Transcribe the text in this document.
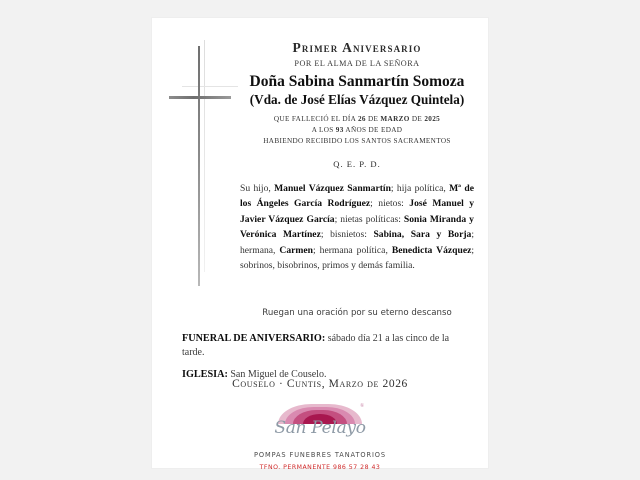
Primer Aniversario
POR EL ALMA DE LA SEÑORA
Doña Sabina Sanmartín Somoza
(Vda. de José Elías Vázquez Quintela)
QUE FALLECIÓ EL DÍA 26 DE MARZO DE 2025
A LOS 93 AÑOS DE EDAD
HABIENDO RECIBIDO LOS SANTOS SACRAMENTOS
Q. E. P. D.
Su hijo, Manuel Vázquez Sanmartín; hija política, Mª de los Ángeles García Rodríguez; nietos: José Manuel y Javier Vázquez García; nietas políticas: Sonia Miranda y Verónica Martínez; bisnietos: Sabina, Sara y Borja; hermana, Carmen; hermana política, Benedicta Vázquez; sobrinos, bisobrinos, primos y demás familia.
Ruegan una oración por su eterno descanso
FUNERAL DE ANIVERSARIO: sábado día 21 a las cinco de la tarde.
IGLESIA: San Miguel de Couselo.
Couselo · Cuntis, Marzo de 2026
®
San Pelayo
POMPAS FUNEBRES TANATORIOS
TFNO. PERMANENTE 986 57 28 43
